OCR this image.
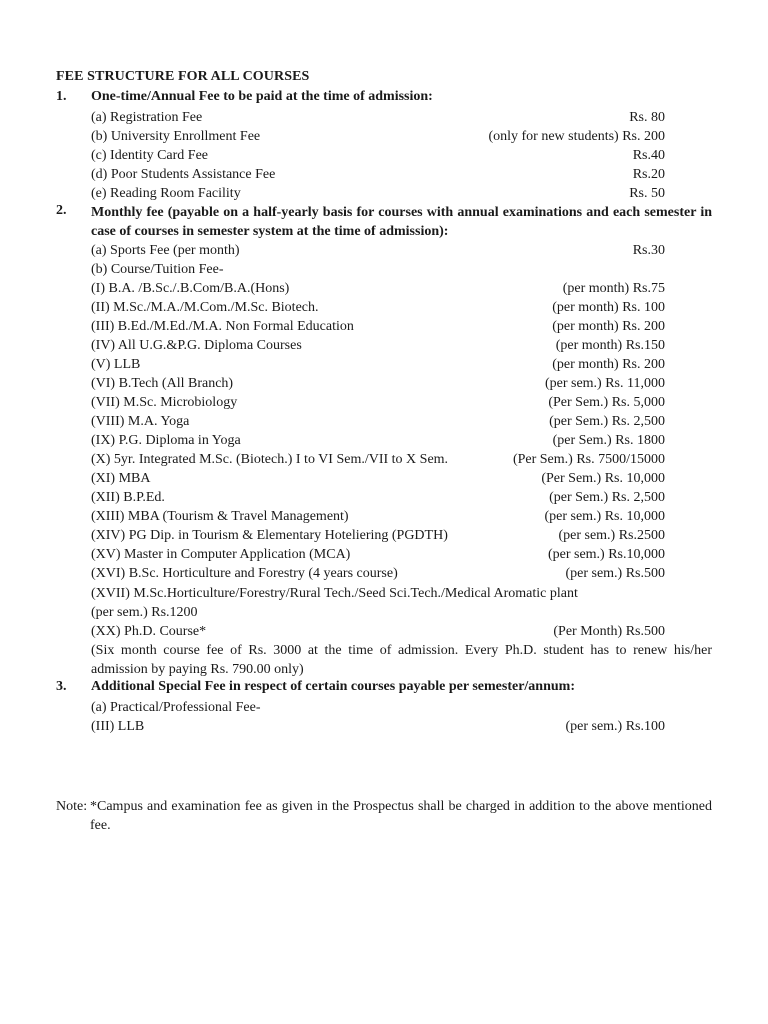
FEE STRUCTURE FOR ALL COURSES
1. One-time/Annual Fee to be paid at the time of admission:
(a) Registration Fee	Rs. 80
(b) University Enrollment Fee	(only for new students) Rs. 200
(c) Identity Card Fee	Rs.40
(d) Poor Students Assistance Fee	Rs.20
(e) Reading Room Facility	Rs. 50
2. Monthly fee (payable on a half-yearly basis for courses with annual examinations and each semester in case of courses in semester system at the time of admission):
(a) Sports Fee (per month)	Rs.30
(b) Course/Tuition Fee-
(I) B.A. /B.Sc./.B.Com/B.A.(Hons)	(per month) Rs.75
(II) M.Sc./M.A./M.Com./M.Sc. Biotech.	(per month) Rs. 100
(III) B.Ed./M.Ed./M.A. Non Formal Education	(per month) Rs. 200
(IV) All U.G.&P.G. Diploma Courses	(per month) Rs.150
(V) LLB	(per month) Rs. 200
(VI) B.Tech (All Branch)	(per sem.) Rs. 11,000
(VII) M.Sc. Microbiology	(Per Sem.) Rs. 5,000
(VIII) M.A. Yoga	(per Sem.) Rs. 2,500
(IX) P.G. Diploma in Yoga	(per Sem.) Rs. 1800
(X) 5yr. Integrated M.Sc. (Biotech.) I to VI Sem./VII to X Sem.	(Per Sem.) Rs. 7500/15000
(XI) MBA	(Per Sem.) Rs. 10,000
(XII) B.P.Ed.	(per Sem.) Rs. 2,500
(XIII) MBA (Tourism & Travel Management)	(per sem.) Rs. 10,000
(XIV) PG Dip. in Tourism & Elementary Hoteliering (PGDTH)	(per sem.) Rs.2500
(XV) Master in Computer Application (MCA)	(per sem.) Rs.10,000
(XVI) B.Sc. Horticulture and Forestry (4 years course)	(per sem.) Rs.500
(XVII) M.Sc.Horticulture/Forestry/Rural Tech./Seed Sci.Tech./Medical Aromatic plant
(per sem.) Rs.1200
(XX) Ph.D. Course*	(Per Month) Rs.500
(Six month course fee of Rs. 3000 at the time of admission. Every Ph.D. student has to renew his/her admission by paying Rs. 790.00 only)
3. Additional Special Fee in respect of certain courses payable per semester/annum:
(a) Practical/Professional Fee-
(III) LLB	(per sem.) Rs.100
Note: *Campus and examination fee as given in the Prospectus shall be charged in addition to the above mentioned fee.
